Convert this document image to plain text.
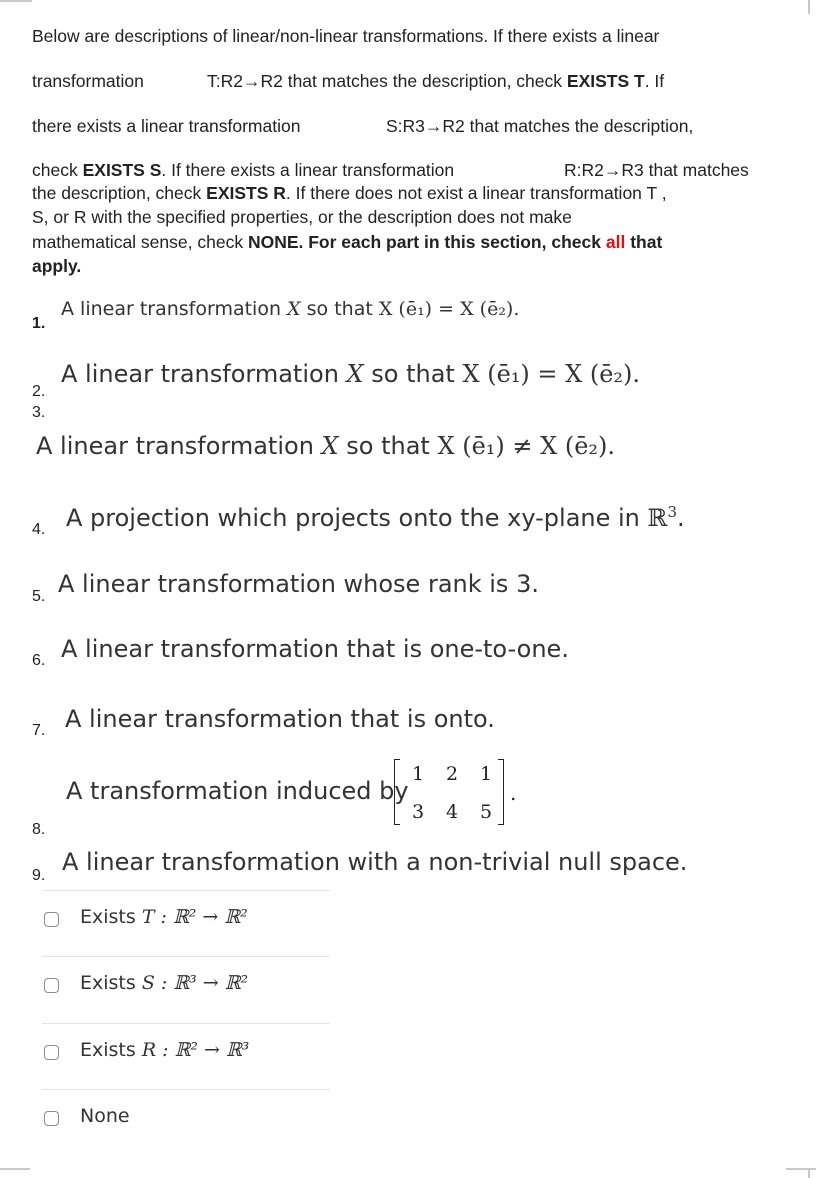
Below are descriptions of linear/non-linear transformations. If there exists a linear
transformation	T:R2→R2 that matches the description, check EXISTS T. If
there exists a linear transformation	S:R3→R2 that matches the description,
check EXISTS S. If there exists a linear transformation	R:R2→R3 that matches
the description, check EXISTS R. If there does not exist a linear transformation T ,
S, or R with the specified properties, or the description does not make
mathematical sense, check NONE. For each part in this section, check all that
apply.
1.
A linear transformation X so that X (ē₁) = X (ē₂).
2.
A linear transformation X so that X (ē₁) = X (ē₂).
3.
A linear transformation X so that X (ē₁) ≠ X (ē₂).
4. A projection which projects onto the xy-plane in ℝ$^3$.
5. A linear transformation whose rank is 3.
6. A linear transformation that is one-to-one.
7. A linear transformation that is onto.
A transformation induced by
1	2	1
3	4	5
.
8.
9. A linear transformation with a non-trivial null space.
Exists T : ℝ² → ℝ²
Exists S : ℝ³ → ℝ²
Exists R : ℝ² → ℝ³
None
